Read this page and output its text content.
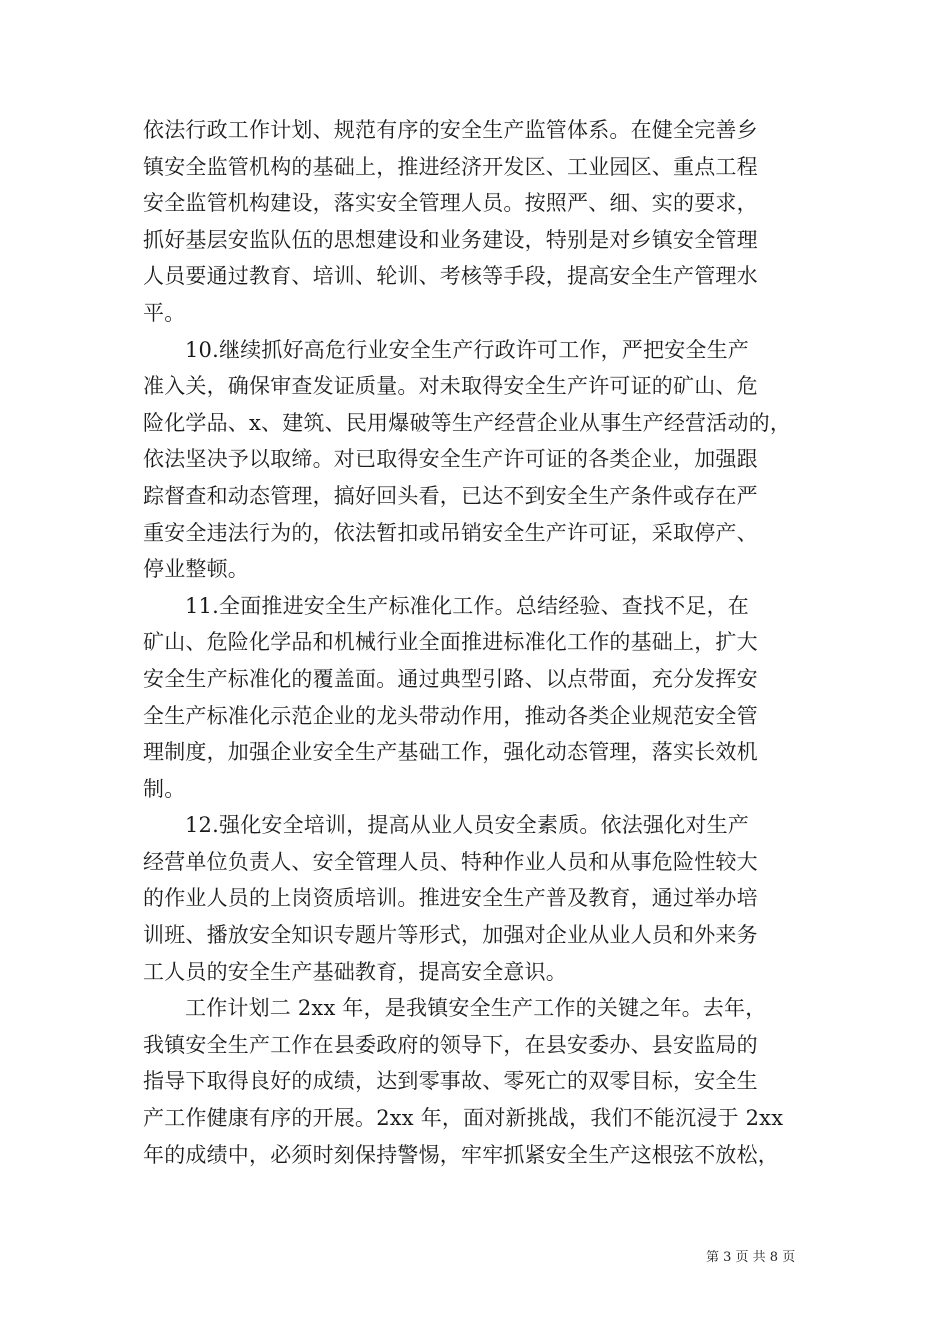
依法行政工作计划、规范有序的安全生产监管体系。在健全完善乡
镇安全监管机构的基础上，推进经济开发区、工业园区、重点工程
安全监管机构建设，落实安全管理人员。按照严、细、实的要求，
抓好基层安监队伍的思想建设和业务建设，特别是对乡镇安全管理
人员要通过教育、培训、轮训、考核等手段，提高安全生产管理水
平。
10.继续抓好高危行业安全生产行政许可工作，严把安全生产
准入关，确保审查发证质量。对未取得安全生产许可证的矿山、危
险化学品、x、建筑、民用爆破等生产经营企业从事生产经营活动的，
依法坚决予以取缔。对已取得安全生产许可证的各类企业，加强跟
踪督查和动态管理，搞好回头看，已达不到安全生产条件或存在严
重安全违法行为的，依法暂扣或吊销安全生产许可证，采取停产、
停业整顿。
11.全面推进安全生产标准化工作。总结经验、查找不足，在
矿山、危险化学品和机械行业全面推进标准化工作的基础上，扩大
安全生产标准化的覆盖面。通过典型引路、以点带面，充分发挥安
全生产标准化示范企业的龙头带动作用，推动各类企业规范安全管
理制度，加强企业安全生产基础工作，强化动态管理，落实长效机
制。
12.强化安全培训，提高从业人员安全素质。依法强化对生产
经营单位负责人、安全管理人员、特种作业人员和从事危险性较大
的作业人员的上岗资质培训。推进安全生产普及教育，通过举办培
训班、播放安全知识专题片等形式，加强对企业从业人员和外来务
工人员的安全生产基础教育，提高安全意识。
工作计划二 2xx 年，是我镇安全生产工作的关键之年。去年，
我镇安全生产工作在县委政府的领导下，在县安委办、县安监局的
指导下取得良好的成绩，达到零事故、零死亡的双零目标，安全生
产工作健康有序的开展。2xx 年，面对新挑战，我们不能沉浸于 2xx
年的成绩中，必须时刻保持警惕，牢牢抓紧安全生产这根弦不放松，
第 3 页 共 8 页
